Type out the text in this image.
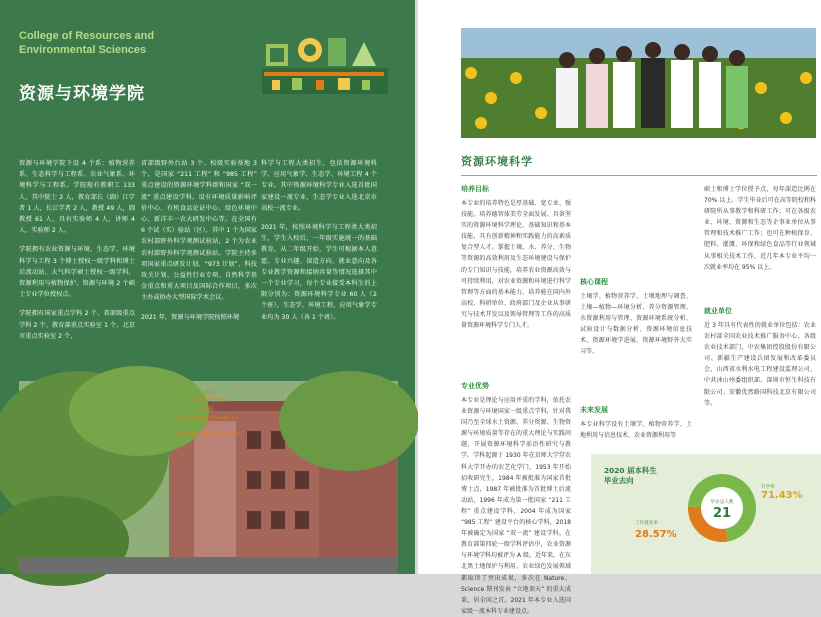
College of Resources and Environmental Sciences
资源与环境学院

资源与环境学院下设 4 个系：植物营养系、生态科学与工程系、农业气象系、环境科学与工程系。学院现有教职工 133 人，其中院士 2 人，教育部长（副）江学者 1 人，长江学者 2 人，教授 49 人，副教授 61 人，具有实验师 4 人，讲师 4 人，实验师 2 人。

学院拥有农业资源与环境、生态学、环境科学与工程 3 个博士授权一级学科和博士后流动站，大气科学硕士授权一级学科，资源利用与植物保护、资源与环境 2 个硕士专业学位授权点。

学院拥有国家重点学科 2 个、省部级重点学科 2 个、教育部重点实验室 1 个、北京市重点实验室 2 个、

省部级野外台站 3 个、校级实验基地 3 个，是国家 “211 工程” 和 “985 工程” 重点建设的资源环境学科群和国家 “双一流” 重点建设学科。设有环境质量影响评价中心、有机食品论证中心、绿色环境中心、新洋丰一农大研发中心等。在全国有 6 个试（实）验站（区），其中 1 个为国家农村部野外科学观测试验站，2 个为农业农村部野外科学观测试验站。学院主持多项国家重点研发计划、“973 计划”、科技攻关计划、公益性行业专项、自然科学基金重点和重大项目及国际合作项目，多次主办或协办大型国际学术会议。

2021 年，资源与环境学院按照环境

科学与工程大类招生，包括资源环境科学、应用气象学、生态学、环境工程 4 个专业。其中资源环境科学专业入选首批国家建设一流专业，生态学专业入选北京市高校一流专业。

2021 年，按照环境科学与工程类大类招生，学生入校后，一年级实施统一的基础教育，从二年级开始，学生可根据本人意愿、专业兴趣、深造方向、就业意向及各专业教学资源和接纳容量等情况选择其中一个专业学习，每个专业接受本科生的上限分别为：资源环境科学专业 60 人（2 个班），生态学、环境工程、应用气象学专业均为 30 人（各 1 个班）。

电话
010-62733372
邮箱
zihuanyb@cau.edu.cn
网址
http://zihuan.cau.edu.cn/
资源环境科学
培养目标
本专业的培养特色是厚基础、宽专业、强技能。培养德智体美劳全面发展、具备坚实的资源环境科学理论、基础知识和基本技能，具有创新精神和实践能力的高素质复合型人才。掌握土壤、水、养分、生物等资源的高效利用及生态环境建设与保护的专门知识与技能，培养农业资源高效与可持续利用，对农业资源和环境进行科学管理等方面的基本能力。培养能在国内外高校、科研单位、政府部门及企业从事研究与技术开发以及领导管理等工作的高质量资源环境科学专门人才。
专业优势
本专业是理论与应用并重的学科，依托农业资源与环境国家一级重点学科，针对我国乃至全球水土资源、养分资源、生物资源与环境质量等存在的重大理论与实践问题，开展资源环境科学前沿性研究与教学。学科起源于 1930 年在京师大学堂农科大学开办的农艺化学门，1953 年开始招收研究生，1984 年被批准为国家首批博士点，1987 年被批准为首批博士后流动站，1996 年成为第一批国家 “211 工程” 重点建设学科，2004 年成为国家 “985 工程” 建设平台的核心学科，2018 年被确定为国家 “双一流” 建设学科。在教育部第四轮一级学科评估中，农业资源与环境学科均被评为 A 级。近年来，在东北黑土地保护与利用、农业绿色发展领域都取得了突出成果，多次在 Nature、Science 期刊发表 “立地顶天” 的重大成果，居全国之首。2021 年本专业入选国家级一流本科专业建设点。
核心课程
土壤学、植物营养学、土壤地理与调查、土壤—植物—环境分析、养分资源管理、水资源利用与管理、资源环境系统分析、试验设计与数据分析、资源环境信息技术、资源环境学进展、资源环境野外大实习等。
未来发展
本专业科学设有土壤学、植物营养学、土地利用与信息技术、农业资源利用等
硕士和博士学位授予点，每年深造比例在 70% 以上。学生毕业后可在高等院校和科研院所从事教学和科研工作；可在各级农业、环境、资源和生态等企事业单位从事管理和技术推广工作；也可在种植保育、肥料、灌溉、环保和绿色食品等行业领域从事相关技术工作，近几年本专业平均一次就业率均在 95% 以上。
就业单位
近 3 年具有代表性的就业单位包括：农业农村部全国农业技术推广服务中心、各级农业技术部门、中农集团控股股份有限公司、新疆生产建设兵团发展和改革委员会、山西省水利水电工程建设监理公司、中共涞山州委组织部、深圳市恒生科技有限公司、安徽优然路国科技北京有限公司等。
2020 届本科生
毕业去向
毕业总人数
21
工作就业率
28.57%
升学率
71.43%
